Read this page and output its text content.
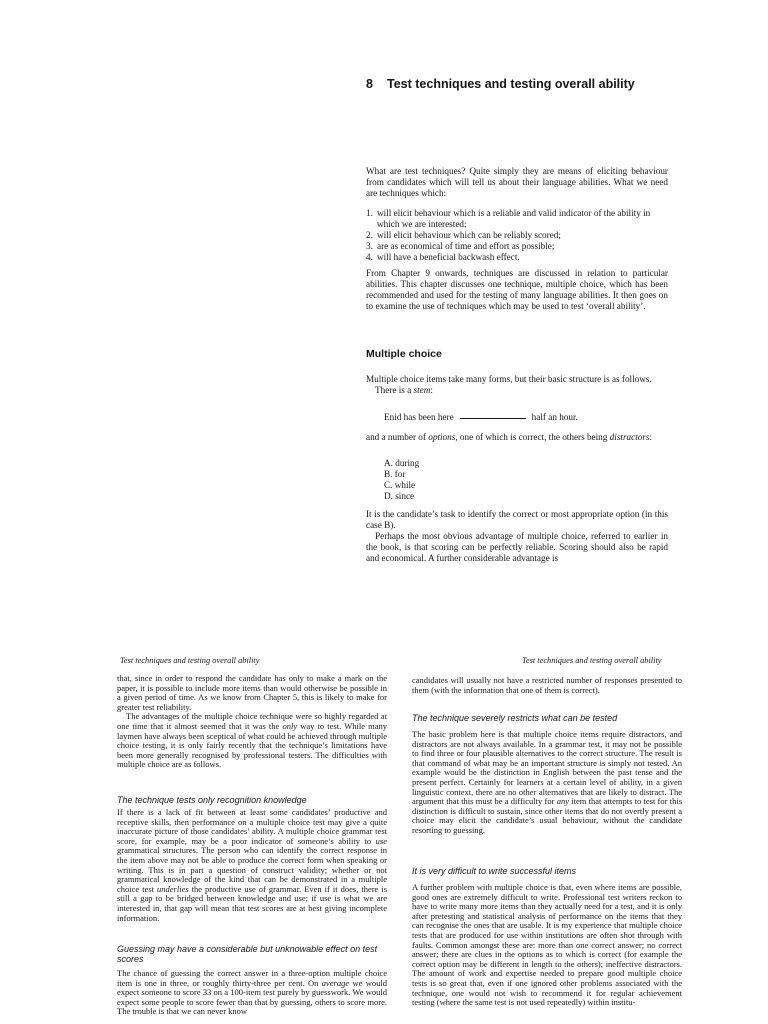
8 Test techniques and testing overall ability

What are test techniques? Quite simply they are means of eliciting behaviour from candidates which will tell us about their language abilities. What we need are techniques which:

1. will elicit behaviour which is a reliable and valid indicator of the ability in which we are interested;
2. will elicit behaviour which can be reliably scored;
3. are as economical of time and effort as possible;
4. will have a beneficial backwash effect.

From Chapter 9 onwards, techniques are discussed in relation to particular abilities. This chapter discusses one technique, multiple choice, which has been recommended and used for the testing of many language abilities. It then goes on to examine the use of techniques which may be used to test ‘overall ability’.

Multiple choice

Multiple choice items take many forms, but their basic structure is as follows.

There is a stem:

Enid has been here	half an hour.

and a number of options, one of which is correct, the others being distractors:

A. during
B. for
C. while
D. since

It is the candidate’s task to identify the correct or most appropriate option (in this case B).

Perhaps the most obvious advantage of multiple choice, referred to earlier in the book, is that scoring can be perfectly reliable. Scoring should also be rapid and economical. A further considerable advantage is

Test techniques and testing overall ability	Test techniques and testing overall ability

that, since in order to respond the candidate has only to make a mark on the paper, it is possible to include more items than would otherwise be possible in a given period of time. As we know from Chapter 5, this is likely to make for greater test reliability.

The advantages of the multiple choice technique were so highly regarded at one time that it almost seemed that it was the only way to test. While many laymen have always been sceptical of what could be achieved through multiple choice testing, it is only fairly recently that the technique’s limitations have been more generally recognised by professional testers. The difficulties with multiple choice are as follows.

The technique tests only recognition knowledge

If there is a lack of fit between at least some candidates’ productive and receptive skills, then performance on a multiple choice test may give a quite inaccurate picture of those candidates’ ability. A multiple choice grammar test score, for example, may be a poor indicator of someone’s ability to use grammatical structures. The person who can identify the correct response in the item above may not be able to produce the correct form when speaking or writing. This is in part a question of construct validity; whether or not grammatical knowledge of the kind that can be demonstrated in a multiple choice test underlies the productive use of grammar. Even if it does, there is still a gap to be bridged between knowledge and use; if use is what we are interested in, that gap will mean that test scores are at best giving incomplete information.

Guessing may have a considerable but unknowable effect on test scores

The chance of guessing the correct answer in a three-option multiple choice item is one in three, or roughly thirty-three per cent. On average we would expect someone to score 33 on a 100-item test purely by guesswork. We would expect some people to score fewer than that by guessing, others to score more. The trouble is that we can never know

candidates will usually not have a restricted number of responses presented to them (with the information that one of them is correct).

The technique severely restricts what can be tested

The basic problem here is that multiple choice items require distractors, and distractors are not always available. In a grammar test, it may not be possible to find three or four plausible alternatives to the correct structure. The result is that command of what may be an important structure is simply not tested. An example would be the distinction in English between the past tense and the present perfect. Certainly for learners at a certain level of ability, in a given linguistic context, there are no other alternatives that are likely to distract. The argument that this must be a difficulty for any item that attempts to test for this distinction is difficult to sustain, since other items that do not overtly present a choice may elicit the candidate’s usual behaviour, without the candidate resorting to guessing.

It is very difficult to write successful items

A further problem with multiple choice is that, even where items are possible, good ones are extremely difficult to write. Professional test writers reckon to have to write many more items than they actually need for a test, and it is only after pretesting and statistical analysis of performance on the items that they can recognise the ones that are usable. It is my experience that multiple choice tests that are produced for use within institutions are often shot through with faults. Common amongst these are: more than one correct answer; no correct answer; there are clues in the options as to which is correct (for example the correct option may be different in length to the others); ineffective distractors. The amount of work and expertise needed to prepare good multiple choice tests is so great that, even if one ignored other problems associated with the technique, one would not wish to recommend it for regular achievement testing (where the same test is not used repeatedly) within institu-
